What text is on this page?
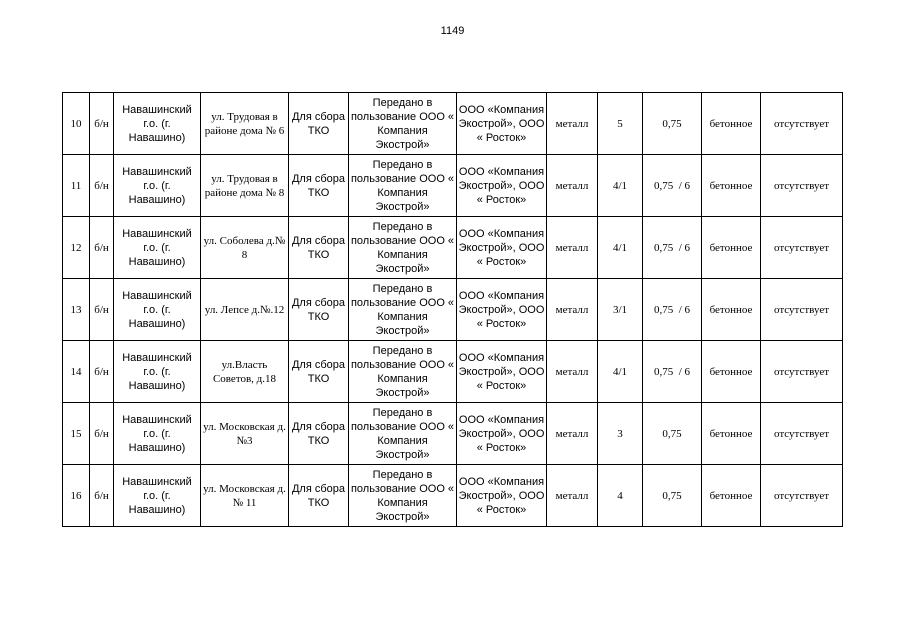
1149
10	б/н	Навашинский г.о. (г. Навашино)	ул. Трудовая в районе дома № 6	Для сбора ТКО	Передано в пользование ООО « Компания Экострой»	ООО «Компания Экострой», ООО « Росток»	металл	5	0,75	бетонное	отсутствует
11	б/н	Навашинский г.о. (г. Навашино)	ул. Трудовая в районе дома № 8	Для сбора ТКО	Передано в пользование ООО « Компания Экострой»	ООО «Компания Экострой», ООО « Росток»	металл	4/1	0,75  / 6	бетонное	отсутствует
12	б/н	Навашинский г.о. (г. Навашино)	ул. Соболева д.№ 8	Для сбора ТКО	Передано в пользование ООО « Компания Экострой»	ООО «Компания Экострой», ООО « Росток»	металл	4/1	0,75  / 6	бетонное	отсутствует
13	б/н	Навашинский г.о. (г. Навашино)	ул. Лепсе д.№.12	Для сбора ТКО	Передано в пользование ООО « Компания Экострой»	ООО «Компания Экострой», ООО « Росток»	металл	3/1	0,75  / 6	бетонное	отсутствует
14	б/н	Навашинский г.о. (г. Навашино)	ул.Власть Советов, д.18	Для сбора ТКО	Передано в пользование ООО « Компания Экострой»	ООО «Компания Экострой», ООО « Росток»	металл	4/1	0,75  / 6	бетонное	отсутствует
15	б/н	Навашинский г.о. (г. Навашино)	ул. Московская д. №3	Для сбора ТКО	Передано в пользование ООО « Компания Экострой»	ООО «Компания Экострой», ООО « Росток»	металл	3	0,75	бетонное	отсутствует
16	б/н	Навашинский г.о. (г. Навашино)	ул. Московская д. № 11	Для сбора ТКО	Передано в пользование ООО « Компания Экострой»	ООО «Компания Экострой», ООО « Росток»	металл	4	0,75	бетонное	отсутствует
